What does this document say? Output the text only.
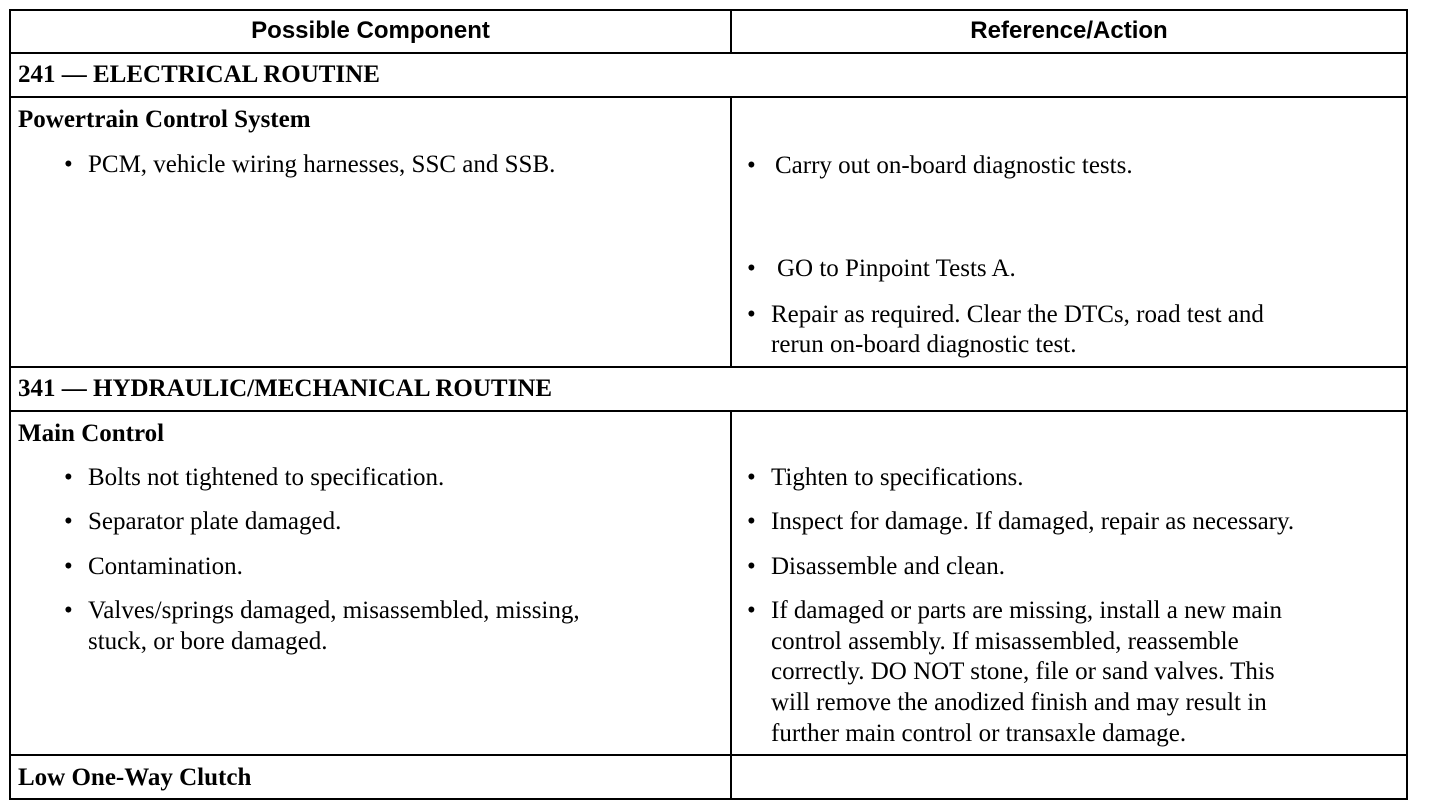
Possible Component	Reference/Action

241 — ELECTRICAL ROUTINE

Powertrain Control System

• PCM, vehicle wiring harnesses, SSC and SSB.	• Carry out on-board diagnostic tests.

• GO to Pinpoint Tests A.

• Repair as required. Clear the DTCs, road test and

rerun on-board diagnostic test.

341 — HYDRAULIC/MECHANICAL ROUTINE

Main Control

• Bolts not tightened to specification.

• Separator plate damaged.

• Contamination.

• Valves/springs damaged, misassembled, missing,

stuck, or bore damaged.

• Tighten to specifications.

• Inspect for damage. If damaged, repair as necessary.

• Disassemble and clean.

• If damaged or parts are missing, install a new main

control assembly. If misassembled, reassemble

correctly. DO NOT stone, file or sand valves. This

will remove the anodized finish and may result in

further main control or transaxle damage.

Low One-Way Clutch
